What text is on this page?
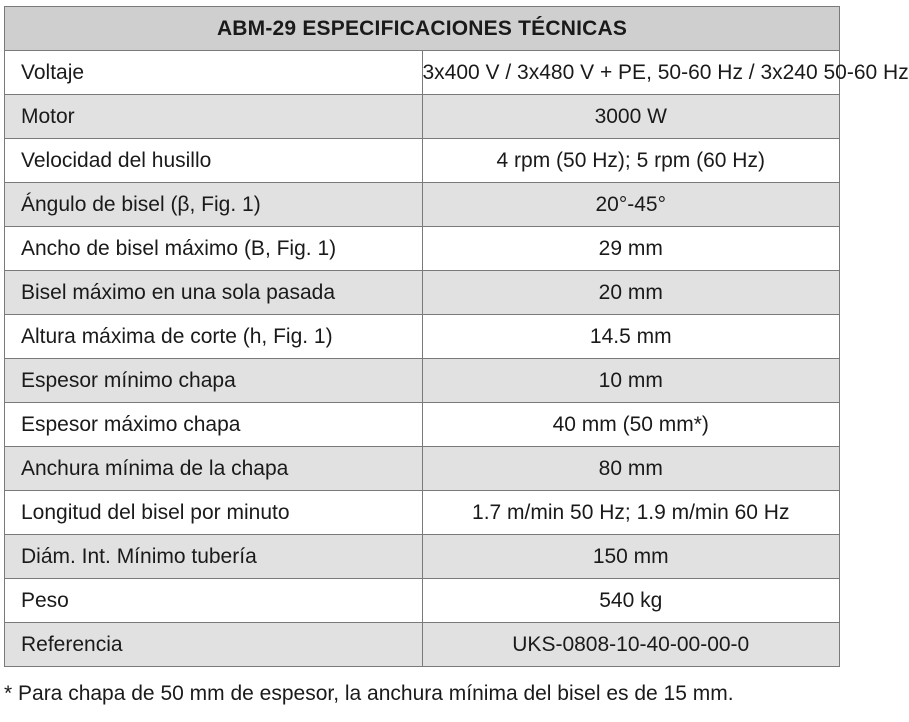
ABM-29 ESPECIFICACIONES TÉCNICAS	
Voltaje	3x400 V / 3x480 V + PE, 50-60 Hz / 3x240 50-60 Hz
Motor	3000 W
Velocidad del husillo	4 rpm (50 Hz); 5 rpm (60 Hz)
Ángulo de bisel (β, Fig. 1)	20°-45°
Ancho de bisel máximo (B, Fig. 1)	29 mm
Bisel máximo en una sola pasada	20 mm
Altura máxima de corte (h, Fig. 1)	14.5 mm
Espesor mínimo chapa	10 mm
Espesor máximo chapa	40 mm (50 mm*)
Anchura mínima de la chapa	80 mm
Longitud del bisel por minuto	1.7 m/min 50 Hz; 1.9 m/min 60 Hz
Diám. Int. Mínimo tubería	150 mm
Peso	540 kg
Referencia	UKS-0808-10-40-00-00-0
* Para chapa de 50 mm de espesor, la anchura mínima del bisel es de 15 mm.
